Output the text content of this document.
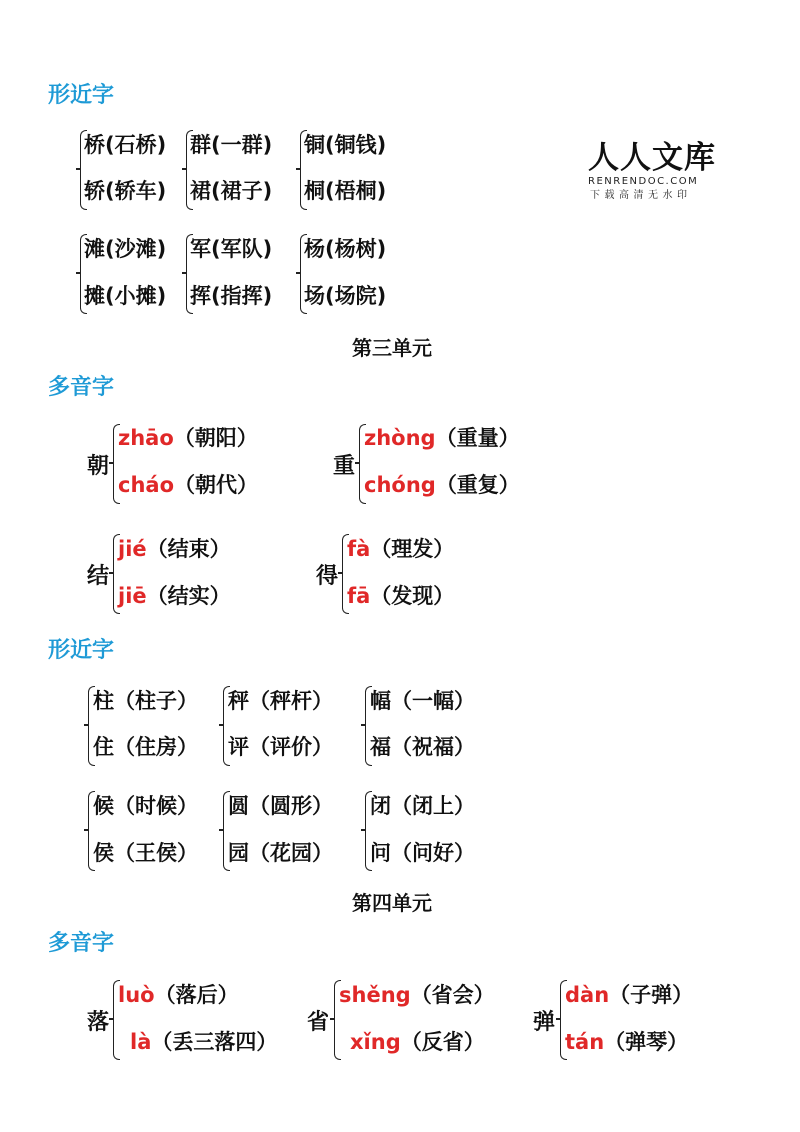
人人文库
RENRENDOC.COM
下载高清无水印
形近字
桥(石桥) 群(一群) 铜(铜钱)
轿(轿车) 裙(裙子) 桐(梧桐)
滩(沙滩) 军(军队) 杨(杨树)
摊(小摊) 挥(指挥) 场(场院)
第三单元
多音字
朝
zhāo（朝阳）
cháo（朝代）
重
zhòng（重量）
chóng（重复）
结
jié（结束）
jiē（结实）
得
fà（理发）
fā（发现）
形近字
柱（柱子） 秤（秤杆） 幅（一幅）
住（住房） 评（评价） 福（祝福）
候（时候） 圆（圆形） 闭（闭上）
侯（王侯） 园（花园） 问（问好）
第四单元
多音字
落
luò（落后）
là（丢三落四）
省
shěng（省会）
xǐng（反省）
弹
dàn（子弹）
tán（弹琴）
